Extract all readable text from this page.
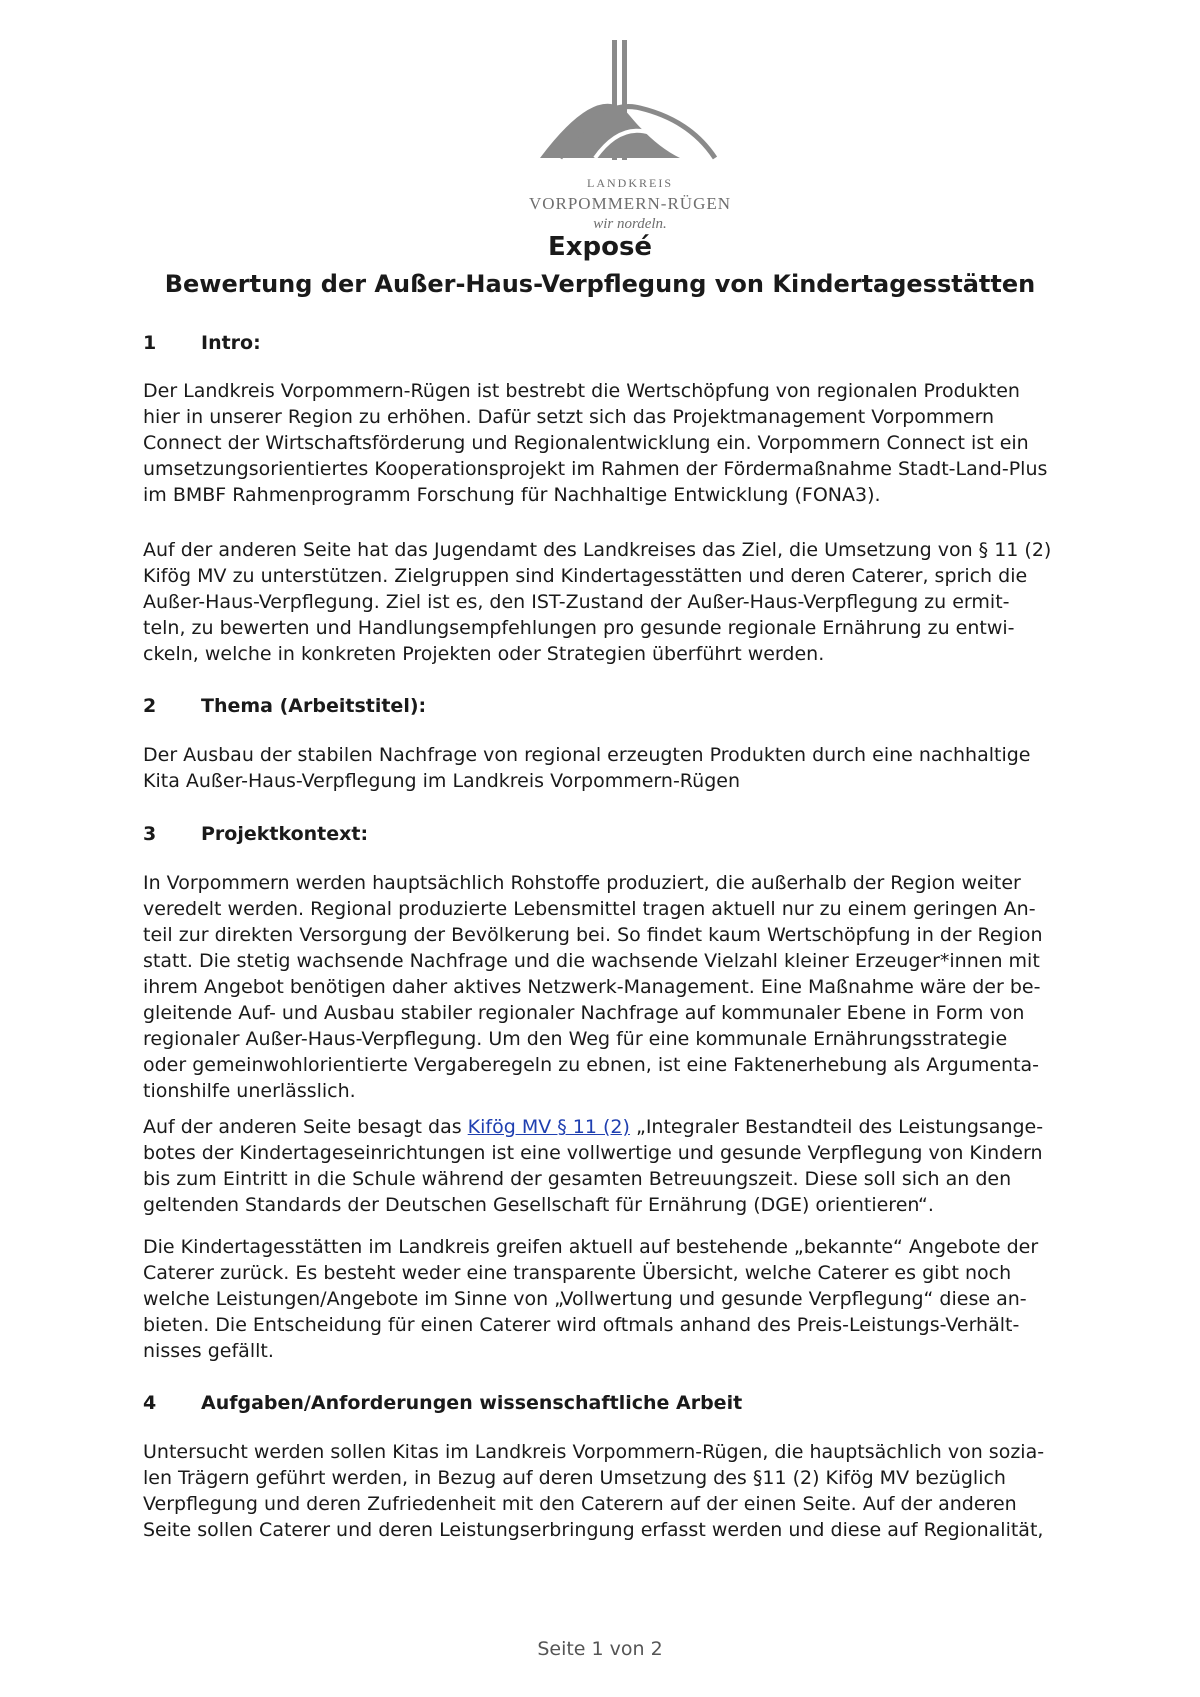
LANDKREIS
VORPOMMERN-RÜGEN
wir nordeln.
Exposé
Bewertung der Außer-Haus-Verpflegung von Kindertagesstätten
1 Intro:
Der Landkreis Vorpommern-Rügen ist bestrebt die Wertschöpfung von regionalen Produkten
hier in unserer Region zu erhöhen. Dafür setzt sich das Projektmanagement Vorpommern
Connect der Wirtschaftsförderung und Regionalentwicklung ein. Vorpommern Connect ist ein
umsetzungsorientiertes Kooperationsprojekt im Rahmen der Fördermaßnahme Stadt-Land-Plus
im BMBF Rahmenprogramm Forschung für Nachhaltige Entwicklung (FONA3).
Auf der anderen Seite hat das Jugendamt des Landkreises das Ziel, die Umsetzung von § 11 (2)
Kifög MV zu unterstützen. Zielgruppen sind Kindertagesstätten und deren Caterer, sprich die
Außer-Haus-Verpflegung. Ziel ist es, den IST-Zustand der Außer-Haus-Verpflegung zu ermit-
teln, zu bewerten und Handlungsempfehlungen pro gesunde regionale Ernährung zu entwi-
ckeln, welche in konkreten Projekten oder Strategien überführt werden.
2 Thema (Arbeitstitel):
Der Ausbau der stabilen Nachfrage von regional erzeugten Produkten durch eine nachhaltige
Kita Außer-Haus-Verpflegung im Landkreis Vorpommern-Rügen
3 Projektkontext:
In Vorpommern werden hauptsächlich Rohstoffe produziert, die außerhalb der Region weiter
veredelt werden. Regional produzierte Lebensmittel tragen aktuell nur zu einem geringen An-
teil zur direkten Versorgung der Bevölkerung bei. So findet kaum Wertschöpfung in der Region
statt. Die stetig wachsende Nachfrage und die wachsende Vielzahl kleiner Erzeuger*innen mit
ihrem Angebot benötigen daher aktives Netzwerk-Management. Eine Maßnahme wäre der be-
gleitende Auf- und Ausbau stabiler regionaler Nachfrage auf kommunaler Ebene in Form von
regionaler Außer-Haus-Verpflegung. Um den Weg für eine kommunale Ernährungsstrategie
oder gemeinwohlorientierte Vergaberegeln zu ebnen, ist eine Faktenerhebung als Argumenta-
tionshilfe unerlässlich.
Auf der anderen Seite besagt das Kifög MV § 11 (2) „Integraler Bestandteil des Leistungsange-
botes der Kindertageseinrichtungen ist eine vollwertige und gesunde Verpflegung von Kindern
bis zum Eintritt in die Schule während der gesamten Betreuungszeit. Diese soll sich an den
geltenden Standards der Deutschen Gesellschaft für Ernährung (DGE) orientieren“.
Die Kindertagesstätten im Landkreis greifen aktuell auf bestehende „bekannte“ Angebote der
Caterer zurück. Es besteht weder eine transparente Übersicht, welche Caterer es gibt noch
welche Leistungen/Angebote im Sinne von „Vollwertung und gesunde Verpflegung“ diese an-
bieten. Die Entscheidung für einen Caterer wird oftmals anhand des Preis-Leistungs-Verhält-
nisses gefällt.
4 Aufgaben/Anforderungen wissenschaftliche Arbeit
Untersucht werden sollen Kitas im Landkreis Vorpommern-Rügen, die hauptsächlich von sozia-
len Trägern geführt werden, in Bezug auf deren Umsetzung des §11 (2) Kifög MV bezüglich
Verpflegung und deren Zufriedenheit mit den Caterern auf der einen Seite. Auf der anderen
Seite sollen Caterer und deren Leistungserbringung erfasst werden und diese auf Regionalität,
Seite 1 von 2
